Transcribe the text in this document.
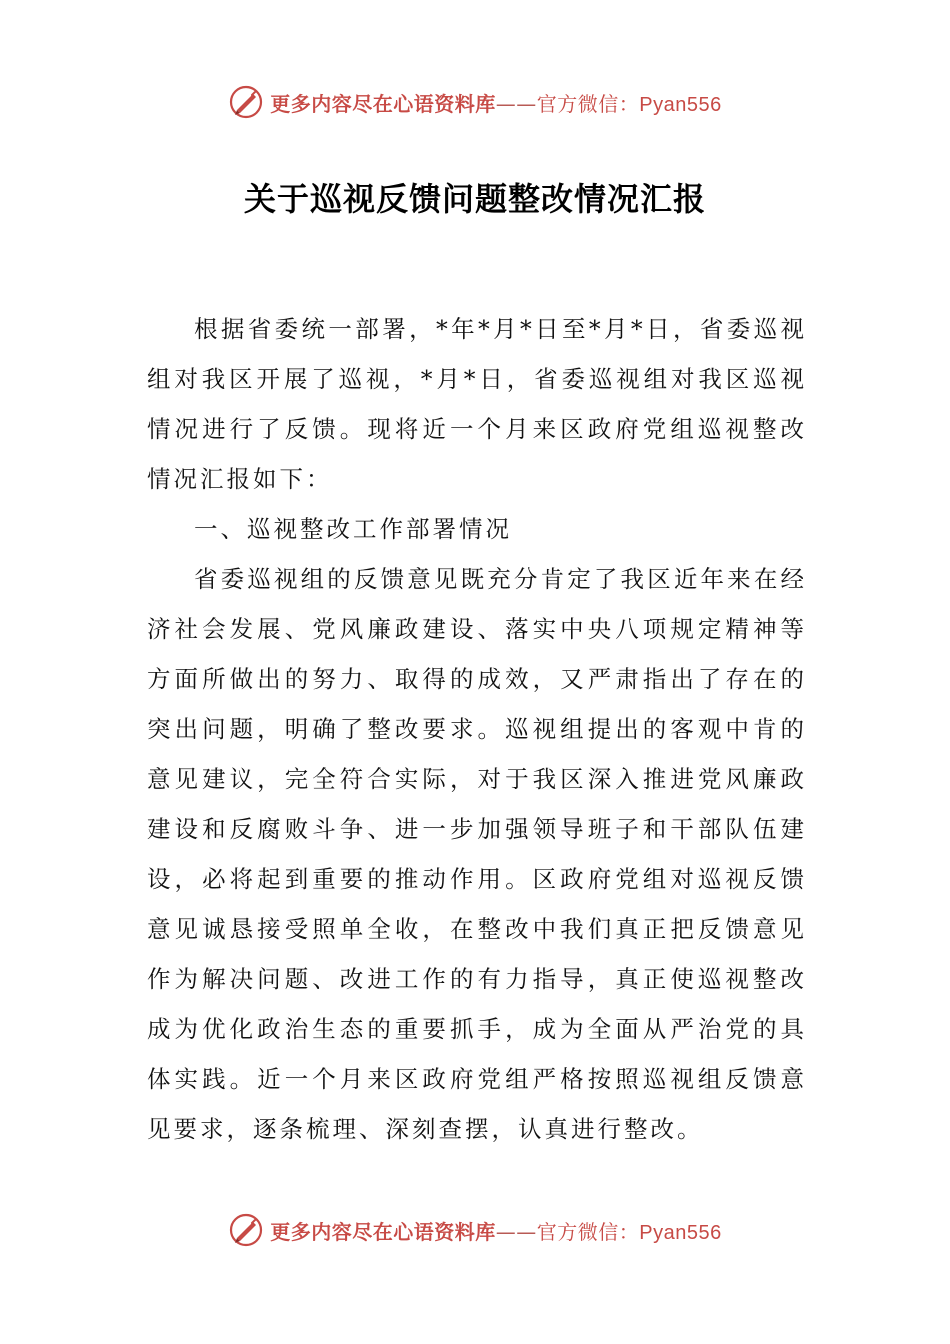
更多内容尽在心语资料库——官方微信：Pyan556
关于巡视反馈问题整改情况汇报

根据省委统一部署，*年*月*日至*月*日，省委巡视组对我区开展了巡视，*月*日，省委巡视组对我区巡视情况进行了反馈。现将近一个月来区政府党组巡视整改情况汇报如下：

一、巡视整改工作部署情况

省委巡视组的反馈意见既充分肯定了我区近年来在经济社会发展、党风廉政建设、落实中央八项规定精神等方面所做出的努力、取得的成效，又严肃指出了存在的突出问题，明确了整改要求。巡视组提出的客观中肯的意见建议，完全符合实际，对于我区深入推进党风廉政建设和反腐败斗争、进一步加强领导班子和干部队伍建设，必将起到重要的推动作用。区政府党组对巡视反馈意见诚恳接受照单全收，在整改中我们真正把反馈意见作为解决问题、改进工作的有力指导，真正使巡视整改成为优化政治生态的重要抓手，成为全面从严治党的具体实践。近一个月来区政府党组严格按照巡视组反馈意见要求，逐条梳理、深刻查摆，认真进行整改。

更多内容尽在心语资料库——官方微信：Pyan556
